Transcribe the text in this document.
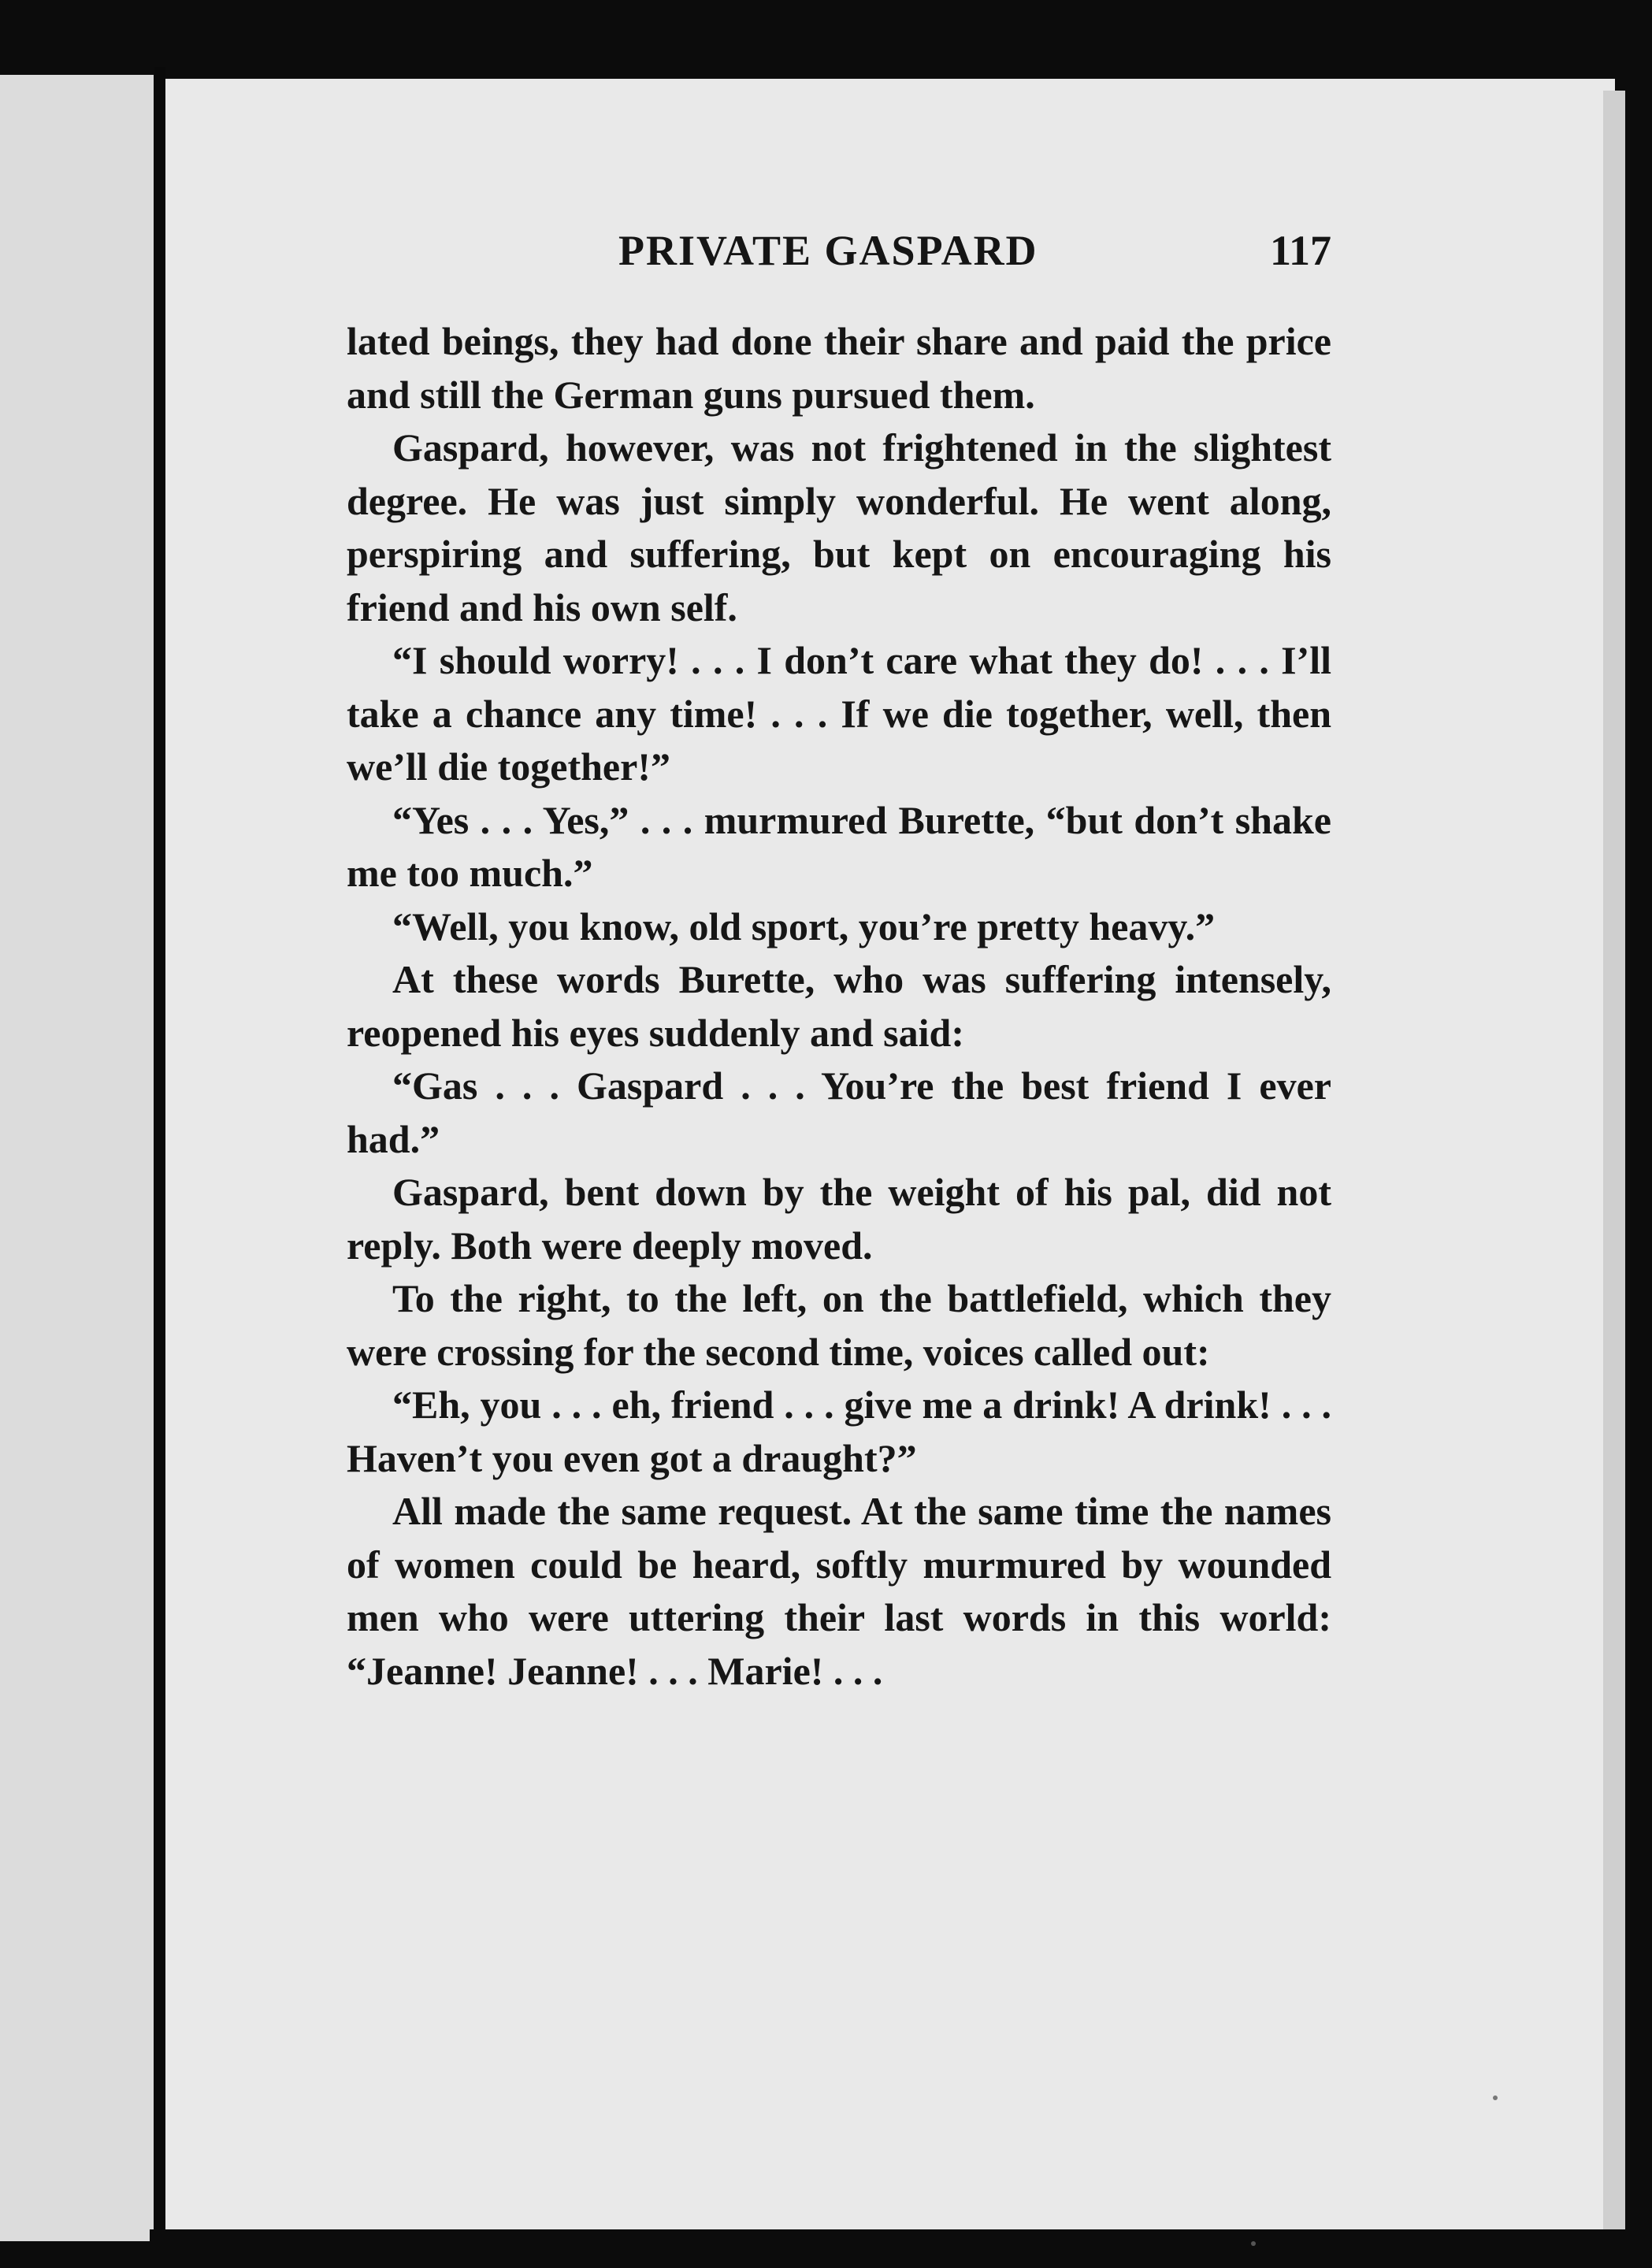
PRIVATE GASPARD	117

lated beings, they had done their share and paid the price and still the German guns pursued them.

Gaspard, however, was not frightened in the slightest degree. He was just simply wonderful. He went along, perspiring and suffering, but kept on encouraging his friend and his own self.

“I should worry! . . . I don’t care what they do! . . . I’ll take a chance any time! . . . If we die together, well, then we’ll die together!”

“Yes . . . Yes,” . . . murmured Burette, “but don’t shake me too much.”

“Well, you know, old sport, you’re pretty heavy.”

At these words Burette, who was suffering intensely, reopened his eyes suddenly and said:

“Gas . . . Gaspard . . . You’re the best friend I ever had.”

Gaspard, bent down by the weight of his pal, did not reply. Both were deeply moved.

To the right, to the left, on the battlefield, which they were crossing for the second time, voices called out:

“Eh, you . . . eh, friend . . . give me a drink! A drink! . . . Haven’t you even got a draught?”

All made the same request. At the same time the names of women could be heard, softly murmured by wounded men who were uttering their last words in this world: “Jeanne! Jeanne! . . . Marie! . . .
